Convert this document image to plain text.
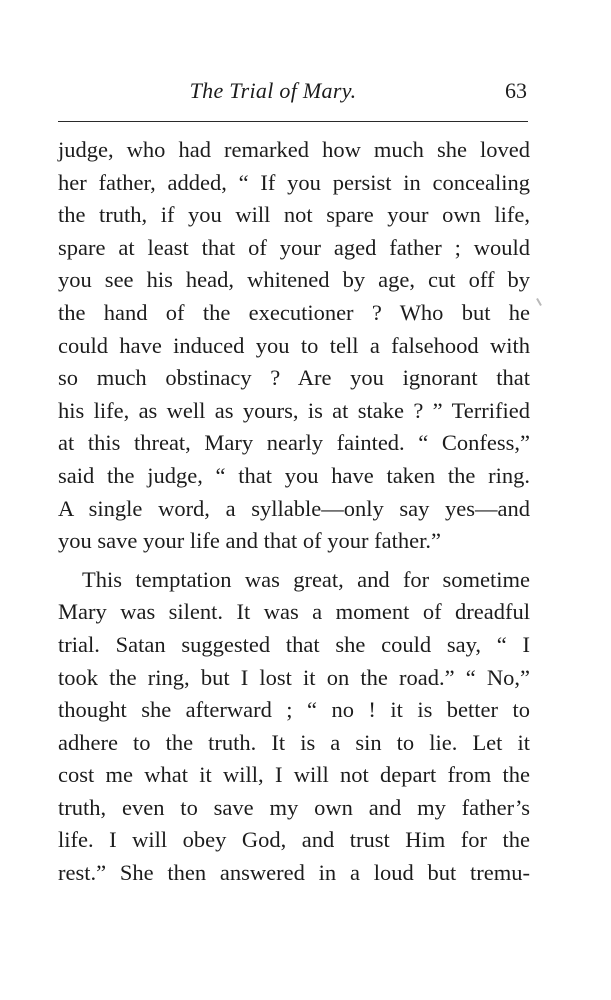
The Trial of Mary.	63
judge, who had remarked how much she loved
her father, added, “ If you persist in concealing
the truth, if you will not spare your own life,
spare at least that of your aged father ; would
you see his head, whitened by age, cut off by
the hand of the executioner ? Who but he
could have induced you to tell a falsehood with
so much obstinacy ? Are you ignorant that
his life, as well as yours, is at stake ? ” Terrified
at this threat, Mary nearly fainted. “ Confess,”
said the judge, “ that you have taken the ring.
A single word, a syllable—only say yes—and
you save your life and that of your father.”
This temptation was great, and for sometime
Mary was silent. It was a moment of dreadful
trial. Satan suggested that she could say, “ I
took the ring, but I lost it on the road.” “ No,”
thought she afterward ; “ no ! it is better to
adhere to the truth. It is a sin to lie. Let it
cost me what it will, I will not depart from the
truth, even to save my own and my father’s
life. I will obey God, and trust Him for the
rest.” She then answered in a loud but tremu-
